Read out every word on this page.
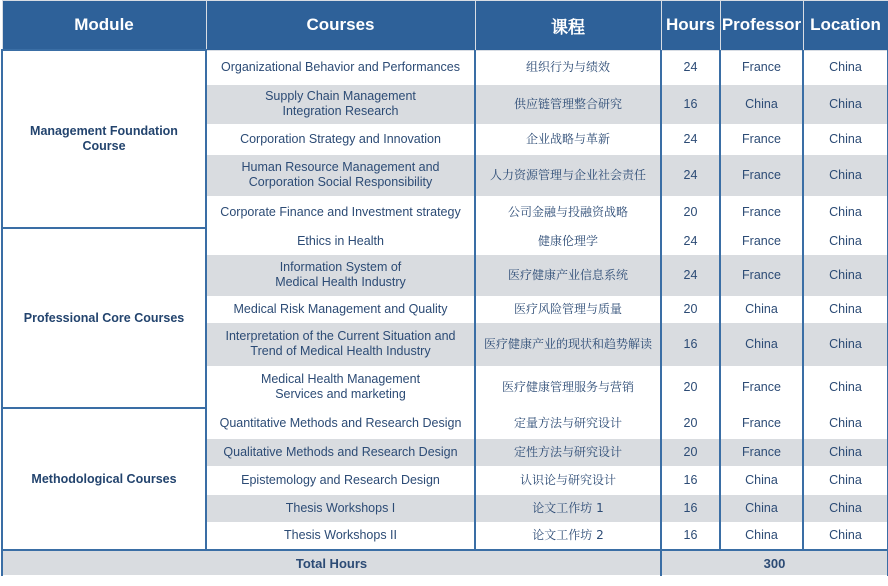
Module	Courses	课程	Hours	Professor	Location
Management Foundation Course	Organizational Behavior and Performances	组织行为与绩效	24	France	China
	Supply Chain Management
Integration Research	供应链管理整合研究	16	China	China
	Corporation Strategy and Innovation	企业战略与革新	24	France	China
	Human Resource Management and
Corporation Social Responsibility	人力资源管理与企业社会责任	24	France	China
	Corporate Finance and Investment strategy	公司金融与投融资战略	20	France	China
Professional Core Courses	Ethics in Health	健康伦理学	24	France	China
	Information System of
Medical Health Industry	医疗健康产业信息系统	24	France	China
	Medical Risk Management and Quality	医疗风险管理与质量	20	China	China
	Interpretation of the Current Situation and
Trend of Medical Health Industry	医疗健康产业的现状和趋势解读	16	China	China
	Medical Health Management
Services and marketing	医疗健康管理服务与营销	20	France	China
Methodological Courses	Quantitative Methods and Research Design	定量方法与研究设计	20	France	China
	Qualitative Methods and Research Design	定性方法与研究设计	20	France	China
	Epistemology and Research Design	认识论与研究设计	16	China	China
	Thesis Workshops I	论文工作坊 1	16	China	China
	Thesis Workshops II	论文工作坊 2	16	China	China
Total Hours			300		
